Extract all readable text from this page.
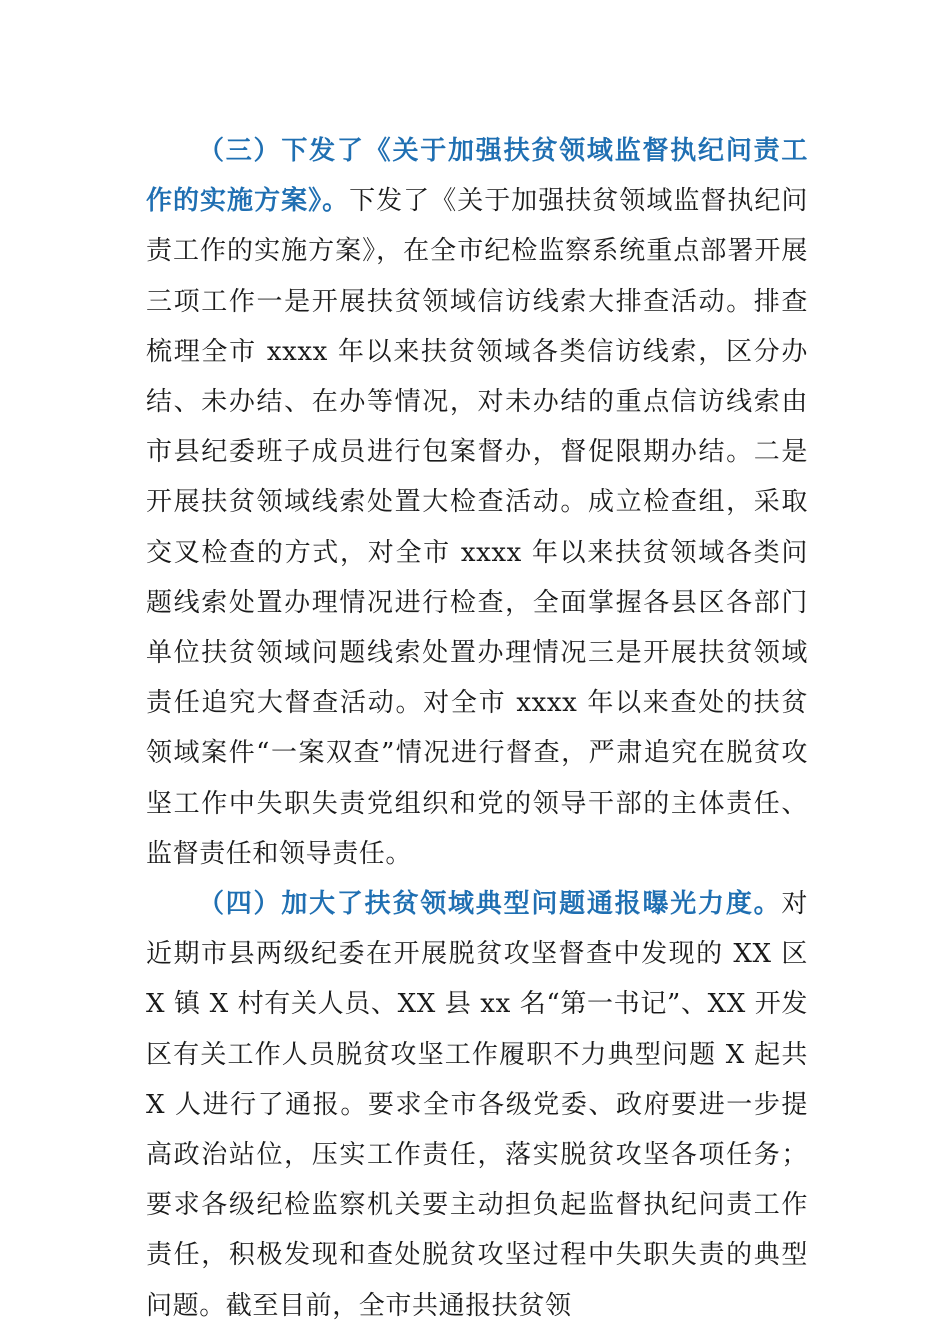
（三）下发了《关于加强扶贫领域监督执纪问责工作的实施方案》。下发了《关于加强扶贫领域监督执纪问责工作的实施方案》，在全市纪检监察系统重点部署开展三项工作一是开展扶贫领域信访线索大排查活动。排查梳理全市 xxxx 年以来扶贫领域各类信访线索，区分办结、未办结、在办等情况，对未办结的重点信访线索由市县纪委班子成员进行包案督办，督促限期办结。二是开展扶贫领域线索处置大检查活动。成立检查组，采取交叉检查的方式，对全市 xxxx 年以来扶贫领域各类问题线索处置办理情况进行检查，全面掌握各县区各部门单位扶贫领域问题线索处置办理情况三是开展扶贫领域责任追究大督查活动。对全市 xxxx 年以来查处的扶贫领域案件“一案双查”情况进行督查，严肃追究在脱贫攻坚工作中失职失责党组织和党的领导干部的主体责任、监督责任和领导责任。

（四）加大了扶贫领域典型问题通报曝光力度。对近期市县两级纪委在开展脱贫攻坚督查中发现的 XX 区 X 镇 X 村有关人员、XX 县 xx 名“第一书记”、XX 开发区有关工作人员脱贫攻坚工作履职不力典型问题 X 起共 X 人进行了通报。要求全市各级党委、政府要进一步提高政治站位，压实工作责任，落实脱贫攻坚各项任务；要求各级纪检监察机关要主动担负起监督执纪问责工作责任，积极发现和查处脱贫攻坚过程中失职失责的典型问题。截至目前，全市共通报扶贫领
